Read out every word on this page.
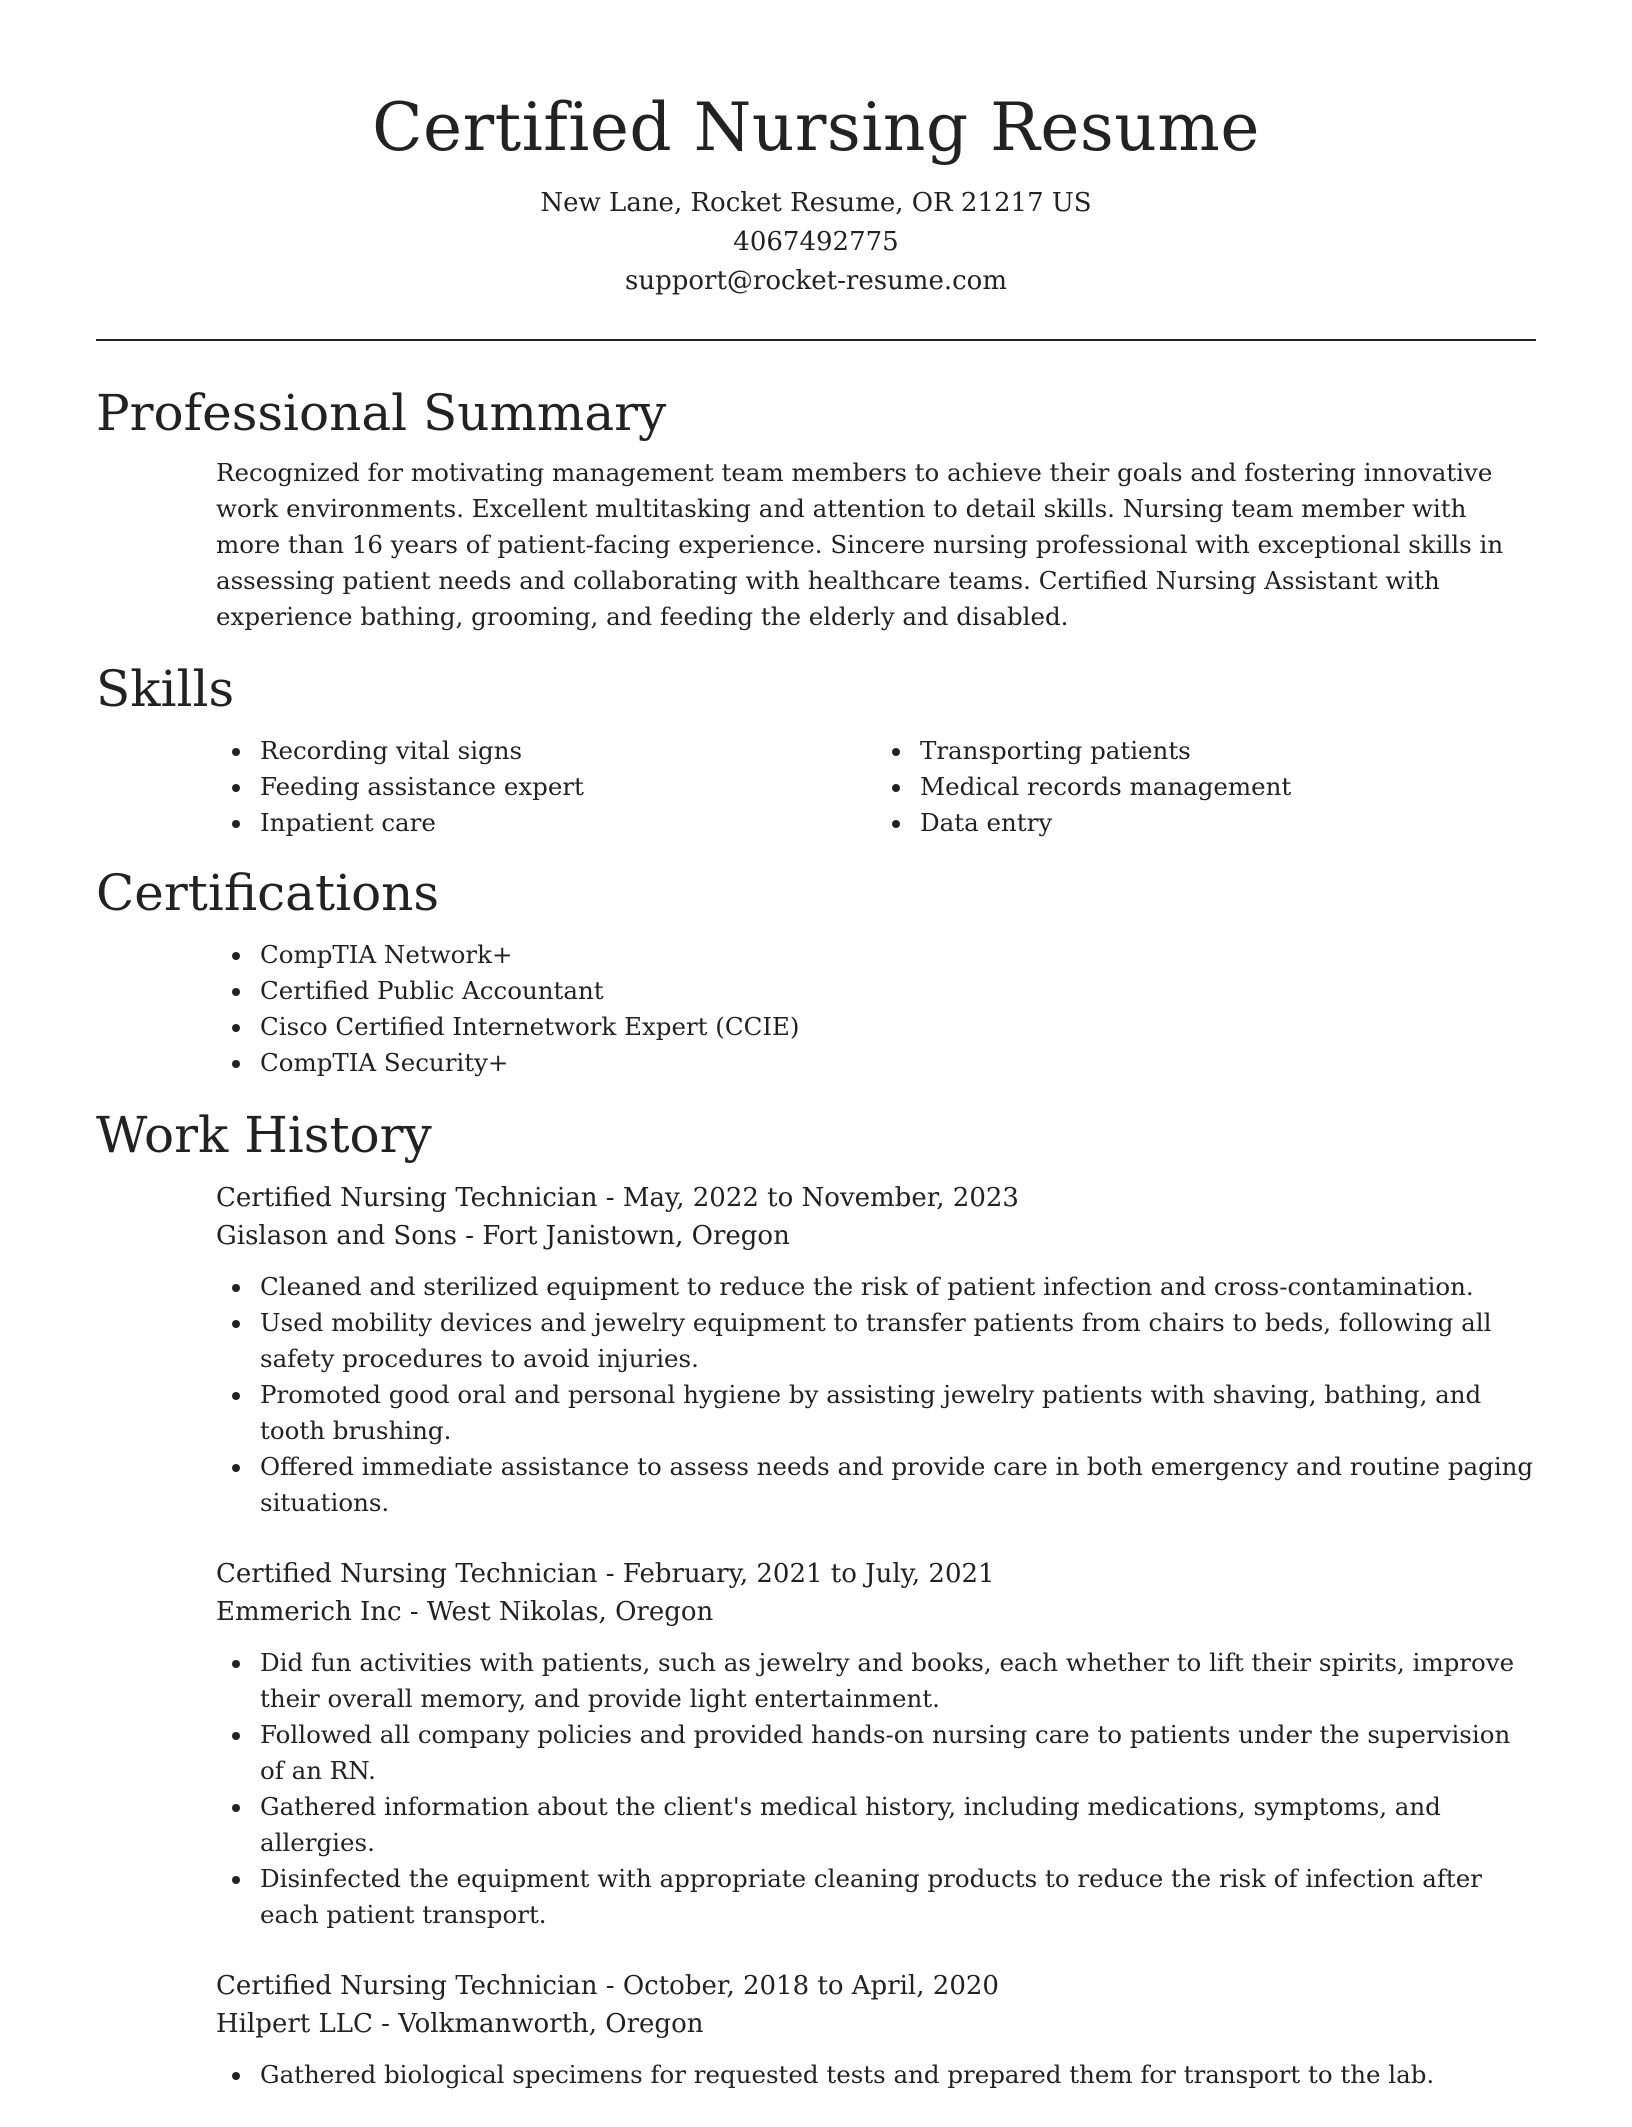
Certified Nursing Resume
New Lane, Rocket Resume, OR 21217 US
4067492775
support@rocket-resume.com
Professional Summary

Recognized for motivating management team members to achieve their goals and fostering innovative work environments. Excellent multitasking and attention to detail skills. Nursing team member with more than 16 years of patient-facing experience. Sincere nursing professional with exceptional skills in assessing patient needs and collaborating with healthcare teams. Certified Nursing Assistant with experience bathing, grooming, and feeding the elderly and disabled.

Skills
Recording vital signs
Feeding assistance expert
Inpatient care
Transporting patients
Medical records management
Data entry
Certifications
CompTIA Network+
Certified Public Accountant
Cisco Certified Internetwork Expert (CCIE)
CompTIA Security+
Work History

Certified Nursing Technician - May, 2022 to November, 2023

Gislason and Sons - Fort Janistown, Oregon

Cleaned and sterilized equipment to reduce the risk of patient infection and cross-contamination.
Used mobility devices and jewelry equipment to transfer patients from chairs to beds, following all safety procedures to avoid injuries.
Promoted good oral and personal hygiene by assisting jewelry patients with shaving, bathing, and tooth brushing.
Offered immediate assistance to assess needs and provide care in both emergency and routine paging situations.

Certified Nursing Technician - February, 2021 to July, 2021

Emmerich Inc - West Nikolas, Oregon

Did fun activities with patients, such as jewelry and books, each whether to lift their spirits, improve their overall memory, and provide light entertainment.
Followed all company policies and provided hands-on nursing care to patients under the supervision of an RN.
Gathered information about the client's medical history, including medications, symptoms, and allergies.
Disinfected the equipment with appropriate cleaning products to reduce the risk of infection after each patient transport.

Certified Nursing Technician - October, 2018 to April, 2020

Hilpert LLC - Volkmanworth, Oregon

Gathered biological specimens for requested tests and prepared them for transport to the lab.
